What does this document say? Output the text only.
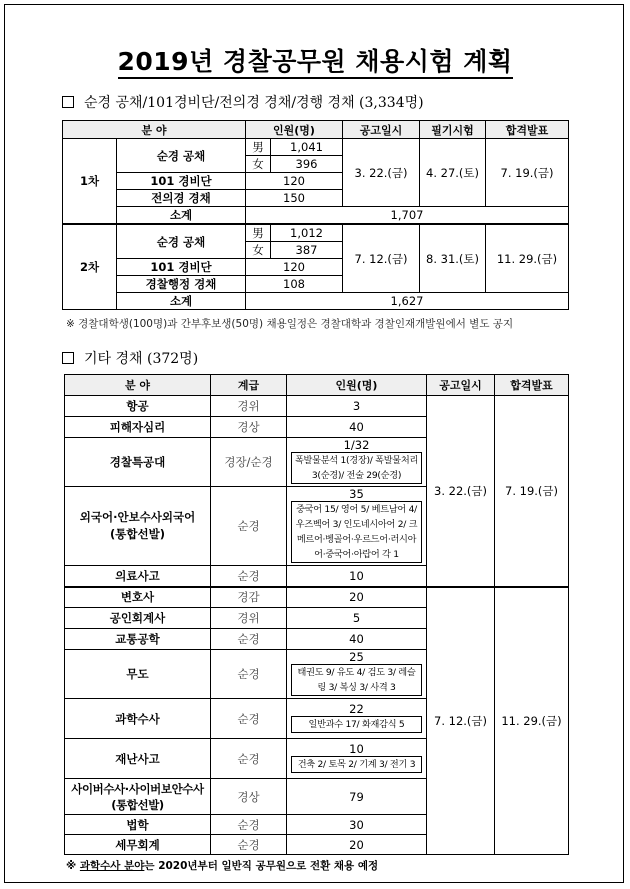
2019년 경찰공무원 채용시험 계획
순경 공채/101경비단/전의경 경채/경행 경채 (3,334명)
분 야		인원(명)		공고일시	필기시험	합격발표
1차	순경 공채	男	1,041	3. 22.(금)	4. 27.(토)	7. 19.(금)
		女	396			
	101 경비단	120				
	전의경 경채	150				
	소계	1,707				
2차	순경 공채	男	1,012	7. 12.(금)	8. 31.(토)	11. 29.(금)
		女	387			
	101 경비단	120				
	경찰행정 경채	108				
	소계	1,627				
※ 경찰대학생(100명)과 간부후보생(50명) 채용일정은 경찰대학과 경찰인재개발원에서 별도 공지
기타 경채 (372명)
분 야	계급	인원(명)	공고일시	합격발표
항공	경위	3	3. 22.(금)	7. 19.(금)
피해자심리	경상	40		
경찰특공대	경장/순경	1/32
폭발물분석 1(경장)/ 폭발물처리 3(순경)/ 전술 29(순경)		

외국어·안보수사외국어 (통합선발)	순경	35
중국어 15/ 영어 5/ 베트남어 4/ 우즈벡어 3/ 인도네시아어 2/ 크메르어·벵골어·우르드어·러시아어·중국어·아랍어 각 1		

의료사고	순경	10		
변호사	경감	20	7. 12.(금)	11. 29.(금)
공인회계사	경위	5		
교통공학	순경	40		
무도	순경	25
태권도 9/ 유도 4/ 검도 3/ 레슬링 3/ 복싱 3/ 사격 3		

과학수사	순경	22
일반과수 17/ 화재감식 5		

재난사고	순경	10
건축 2/ 토목 2/ 기계 3/ 전기 3		

사이버수사·사이버보안수사 (통합선발)	경상	79		
법학	순경	30		
세무회계	순경	20		
※ 과학수사 분야는 2020년부터 일반직 공무원으로 전환 채용 예정
